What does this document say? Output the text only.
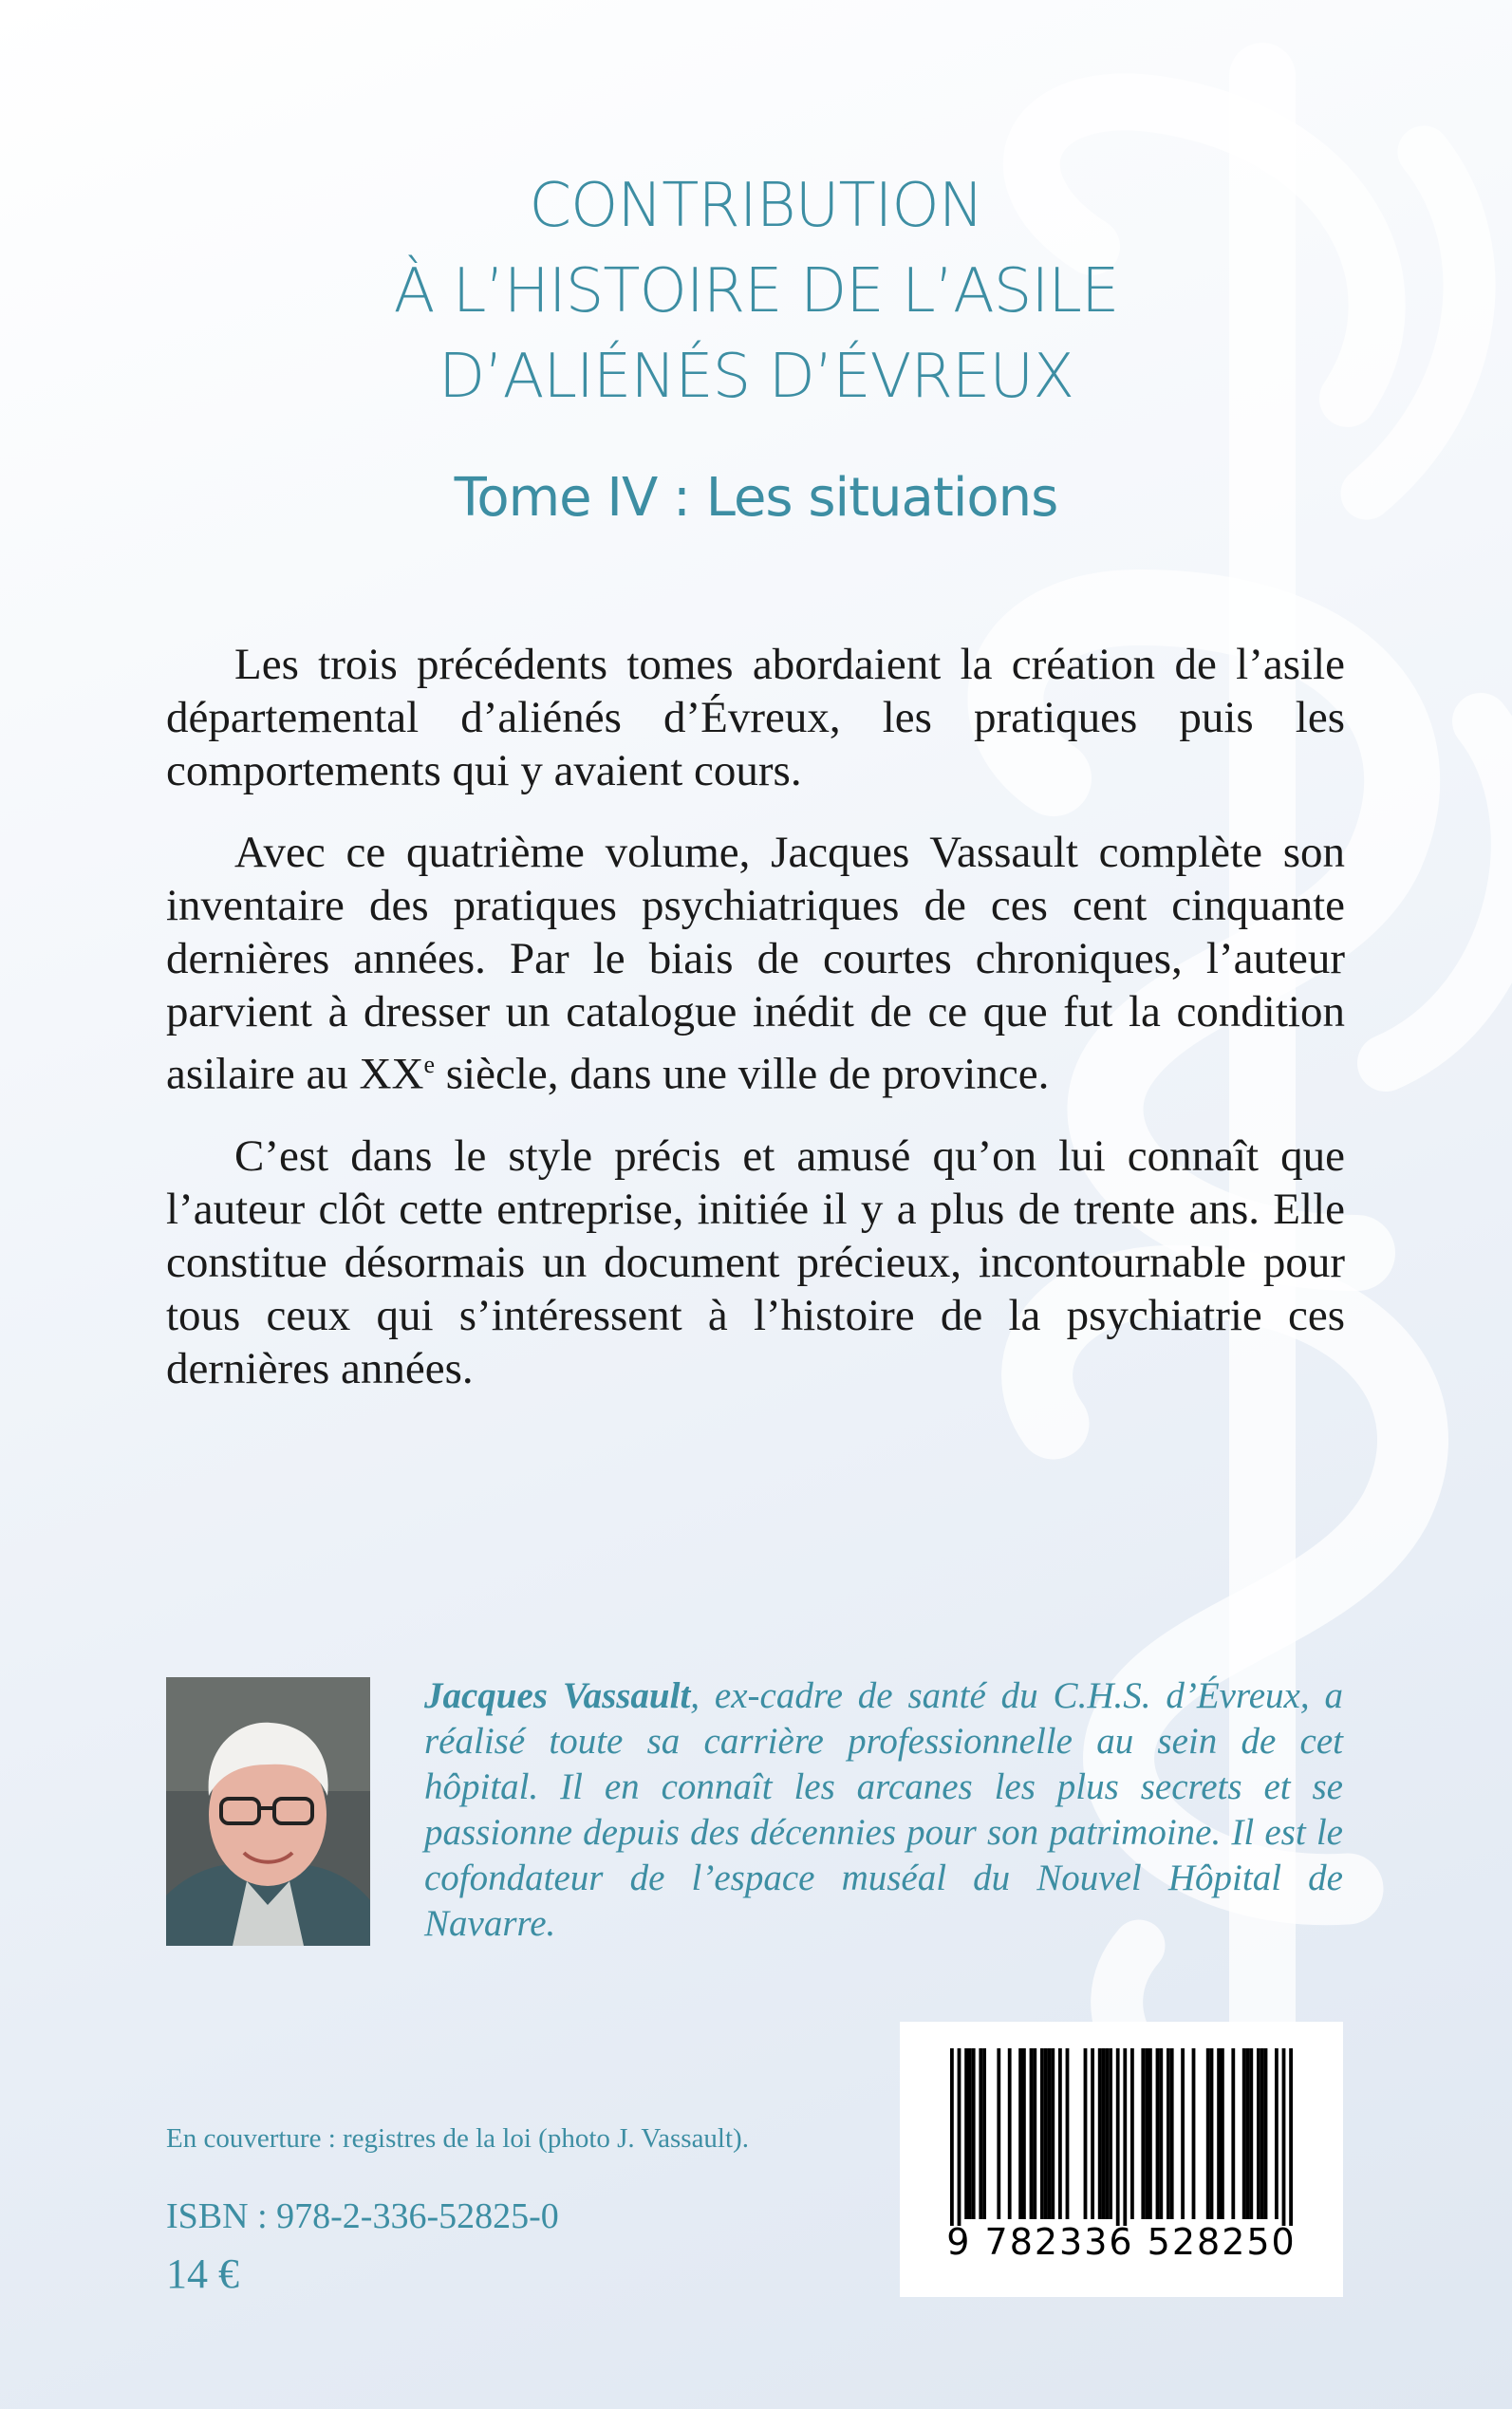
CONTRIBUTION
À L’HISTOIRE DE L’ASILE
D’ALIÉNÉS D’ÉVREUX
Tome IV : Les situations

Les trois précédents tomes abordaient la création de l’asile départemental d’aliénés d’Évreux, les pratiques puis les comportements qui y avaient cours.

Avec ce quatrième volume, Jacques Vassault complète son inventaire des pratiques psychiatriques de ces cent cinquante dernières années. Par le biais de courtes chroniques, l’auteur parvient à dresser un catalogue inédit de ce que fut la condition asilaire au XXe siècle, dans une ville de province.

C’est dans le style précis et amusé qu’on lui connaît que l’auteur clôt cette entreprise, initiée il y a plus de trente ans. Elle constitue désormais un document précieux, incontournable pour tous ceux qui s’intéressent à l’histoire de la psychiatrie ces dernières années.

Jacques Vassault, ex-cadre de santé du C.H.S. d’Évreux, a réalisé toute sa carrière professionnelle au sein de cet hôpital. Il en connaît les arcanes les plus secrets et se passionne depuis des décennies pour son patrimoine. Il est le cofondateur de l’espace muséal du Nouvel Hôpital de Navarre.
En couverture : registres de la loi (photo J. Vassault).
ISBN : 978-2-336-52825-0
14 €
9 782336 528250
